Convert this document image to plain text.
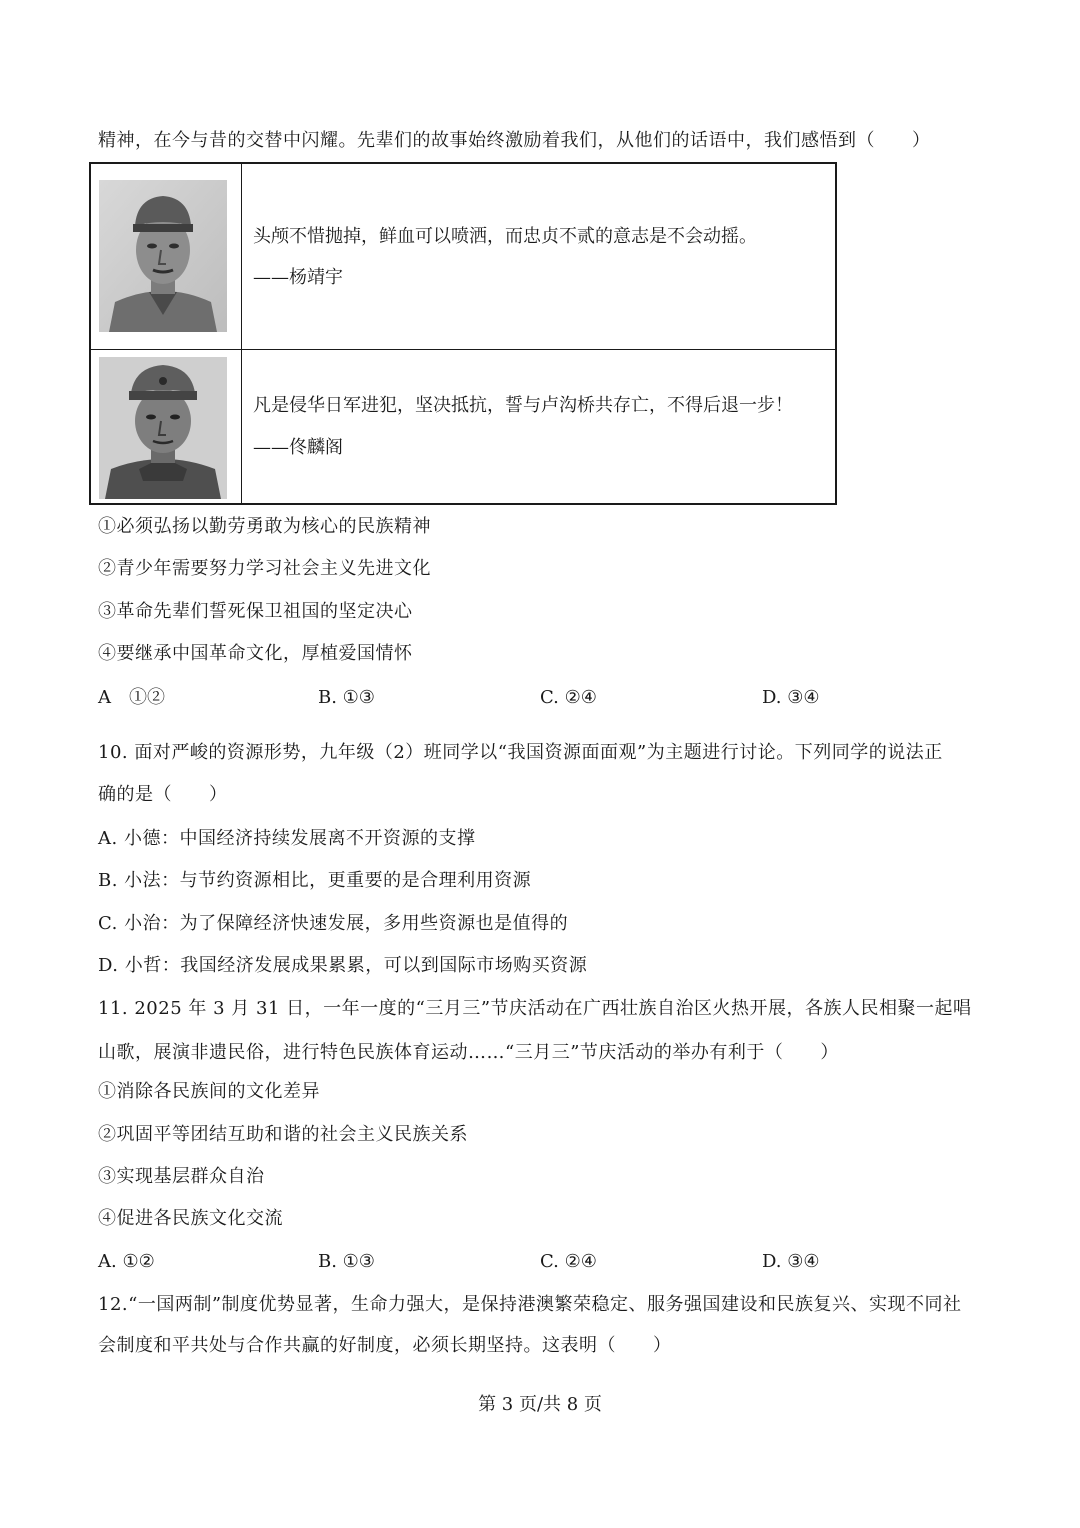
精神，在今与昔的交替中闪耀。先辈们的故事始终激励着我们，从他们的话语中，我们感悟到（　　）
头颅不惜抛掉，鲜血可以喷洒，而忠贞不贰的意志是不会动摇。
——杨靖宇
凡是侵华日军进犯，坚决抵抗，誓与卢沟桥共存亡，不得后退一步！
——佟麟阁
①必须弘扬以勤劳勇敢为核心的民族精神
②青少年需要努力学习社会主义先进文化
③革命先辈们誓死保卫祖国的坚定决心
④要继承中国革命文化，厚植爱国情怀
A　①②	B. ①③	C. ②④	D. ③④
10. 面对严峻的资源形势，九年级（2）班同学以“我国资源面面观”为主题进行讨论。下列同学的说法正
确的是（　　）
A. 小德：中国经济持续发展离不开资源的支撑
B. 小法：与节约资源相比，更重要的是合理利用资源
C. 小治：为了保障经济快速发展，多用些资源也是值得的
D. 小哲：我国经济发展成果累累，可以到国际市场购买资源
11. 2025 年 3 月 31 日，一年一度的“三月三”节庆活动在广西壮族自治区火热开展，各族人民相聚一起唱
山歌，展演非遗民俗，进行特色民族体育运动……“三月三”节庆活动的举办有利于（　　）
①消除各民族间的文化差异
②巩固平等团结互助和谐的社会主义民族关系
③实现基层群众自治
④促进各民族文化交流
A. ①②	B. ①③	C. ②④	D. ③④
12.“一国两制”制度优势显著，生命力强大，是保持港澳繁荣稳定、服务强国建设和民族复兴、实现不同社
会制度和平共处与合作共赢的好制度，必须长期坚持。这表明（　　）
第 3 页/共 8 页
